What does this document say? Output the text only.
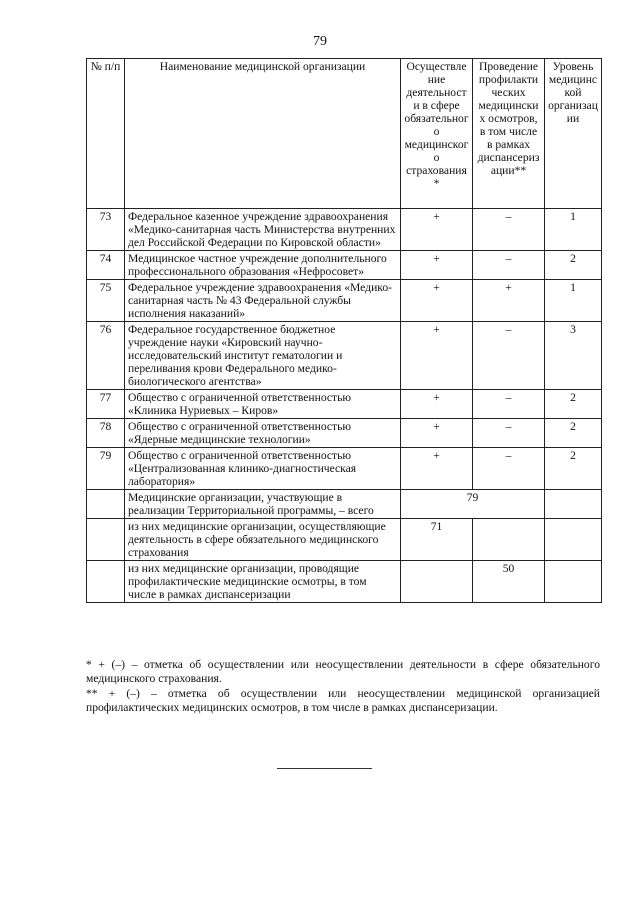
79
№ п/п	Наименование медицинской организации	Осуществление деятельности в сфере обязательного медицинского страхования*	Проведение профилактических медицинских осмотров, в том числе в рамках диспансеризации**	Уровень медицинской организации
73	Федеральное казенное учреждение здравоохранения «Медико-санитарная часть Министерства внутренних дел Российской Федерации по Кировской области»	+	–	1
74	Медицинское частное учреждение дополнительного профессионального образования «Нефросовет»	+	–	2
75	Федеральное учреждение здравоохранения «Медико-санитарная часть № 43 Федеральной службы исполнения наказаний»	+	+	1
76	Федеральное государственное бюджетное учреждение науки «Кировский научно-исследовательский институт гематологии и переливания крови Федерального медико-биологического агентства»	+	–	3
77	Общество с ограниченной ответственностью «Клиника Нуриевых – Киров»	+	–	2
78	Общество с ограниченной ответственностью «Ядерные медицинские технологии»	+	–	2
79	Общество с ограниченной ответственностью «Централизованная клинико-диагностическая лаборатория»	+	–	2
	Медицинские организации, участвующие в реализации Территориальной программы, – всего	79		
	из них медицинские организации, осуществляющие деятельность в сфере обязательного медицинского страхования	71		
	из них медицинские организации, проводящие профилактические медицинские осмотры, в том числе в рамках диспансеризации		50	

* + (–) – отметка об осуществлении или неосуществлении деятельности в сфере обязательного медицинского страхования.

** + (–) – отметка об осуществлении или неосуществлении медицинской организацией профилактических медицинских осмотров, в том числе в рамках диспансеризации.
